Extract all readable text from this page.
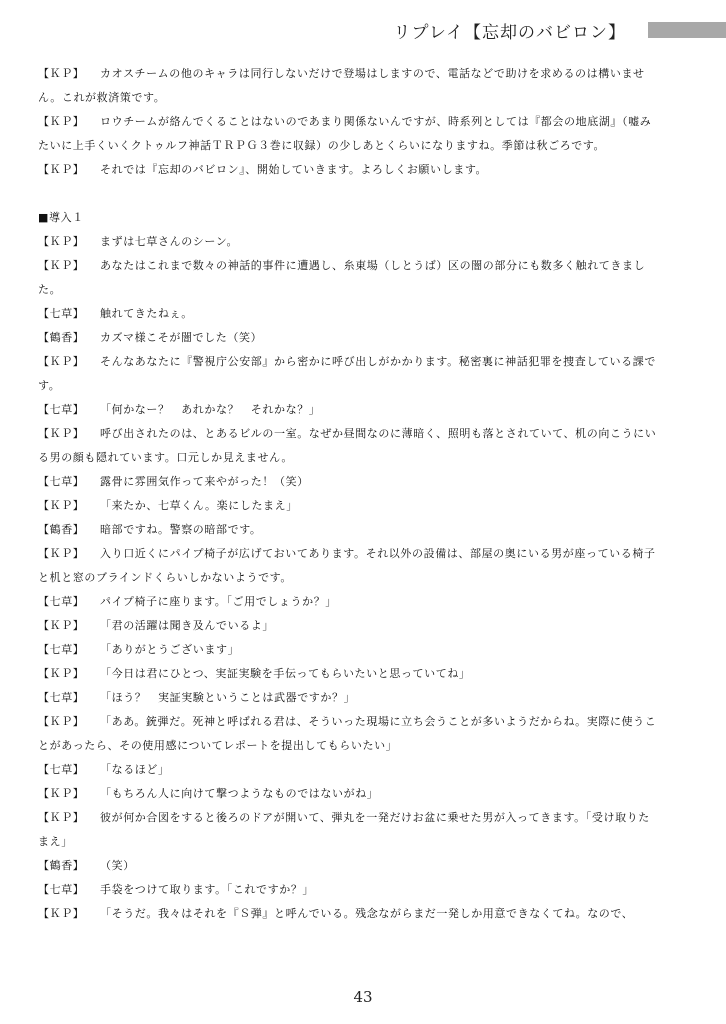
リプレイ【忘却のバビロン】

【ＫＰ】 カオスチームの他のキャラは同行しないだけで登場はしますので、電話などで助けを求めるのは構いません。これが救済策です。

【ＫＰ】 ロウチームが絡んでくることはないのであまり関係ないんですが、時系列としては『都会の地底湖』（嘘みたいに上手くいくクトゥルフ神話ＴＲＰＧ３巻に収録）の少しあとくらいになりますね。季節は秋ごろです。

【ＫＰ】 それでは『忘却のバビロン』、開始していきます。よろしくお願いします。

■導入１

【ＫＰ】 まずは七草さんのシーン。

【ＫＰ】 あなたはこれまで数々の神話的事件に遭遇し、糸東場（しとうば）区の闇の部分にも数多く触れてきました。

【七草】 触れてきたねぇ。

【鶴香】 カズマ様こそが闇でした（笑）

【ＫＰ】 そんなあなたに『警視庁公安部』から密かに呼び出しがかかります。秘密裏に神話犯罪を捜査している課です。

【七草】 「何かなー？　あれかな？　それかな？」

【ＫＰ】 呼び出されたのは、とあるビルの一室。なぜか昼間なのに薄暗く、照明も落とされていて、机の向こうにいる男の顔も隠れています。口元しか見えません。

【七草】 露骨に雰囲気作って来やがった！（笑）

【ＫＰ】 「来たか、七草くん。楽にしたまえ」

【鶴香】 暗部ですね。警察の暗部です。

【ＫＰ】 入り口近くにパイプ椅子が広げておいてあります。それ以外の設備は、部屋の奥にいる男が座っている椅子と机と窓のブラインドくらいしかないようです。

【七草】 パイプ椅子に座ります。「ご用でしょうか？」

【ＫＰ】 「君の活躍は聞き及んでいるよ」

【七草】 「ありがとうございます」

【ＫＰ】 「今日は君にひとつ、実証実験を手伝ってもらいたいと思っていてね」

【七草】 「ほう？　実証実験ということは武器ですか？」

【ＫＰ】 「ああ。銃弾だ。死神と呼ばれる君は、そういった現場に立ち会うことが多いようだからね。実際に使うことがあったら、その使用感についてレポートを提出してもらいたい」

【七草】 「なるほど」

【ＫＰ】 「もちろん人に向けて撃つようなものではないがね」

【ＫＰ】 彼が何か合図をすると後ろのドアが開いて、弾丸を一発だけお盆に乗せた男が入ってきます。「受け取りたまえ」

【鶴香】 （笑）

【七草】 手袋をつけて取ります。「これですか？」

【ＫＰ】 「そうだ。我々はそれを『Ｓ弾』と呼んでいる。残念ながらまだ一発しか用意できなくてね。なので、

43
